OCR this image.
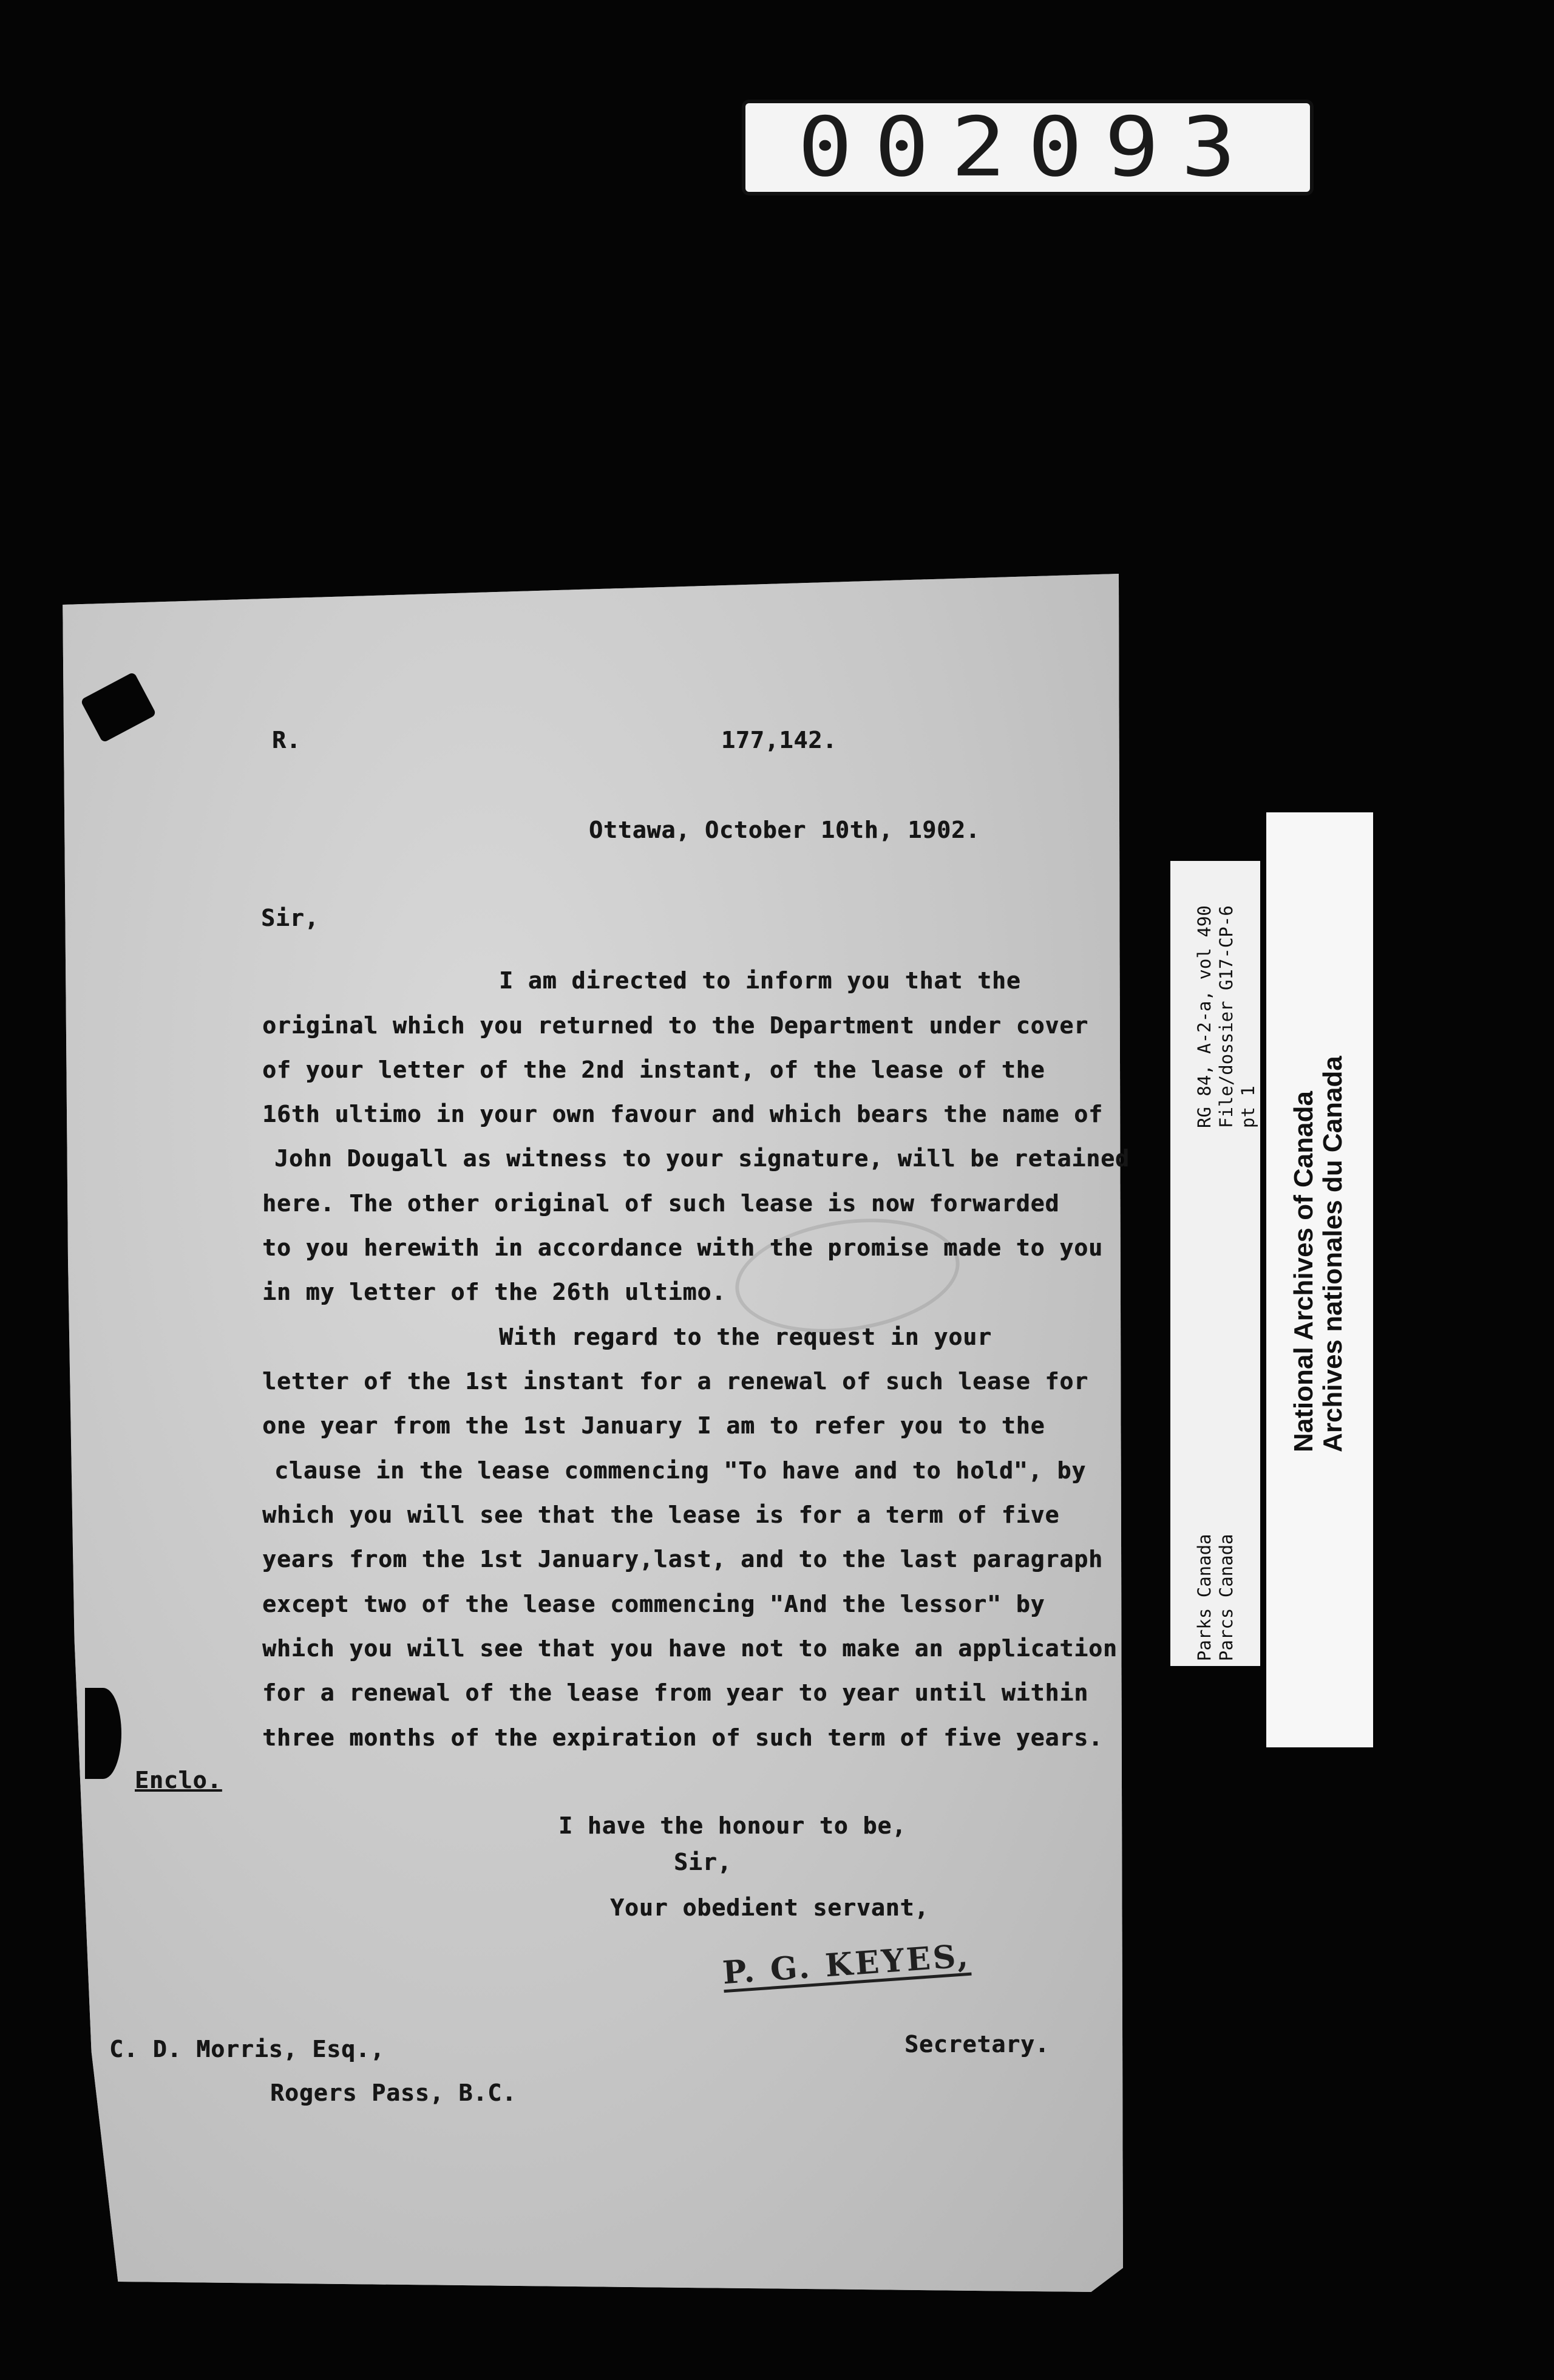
002093
R.	177,142.
Ottawa, October 10th, 1902.
Sir,
I am directed to inform you that the
original which you returned to the Department under cover
of your letter of the 2nd instant, of the lease of the
16th ultimo in your own favour and which bears the name of
John Dougall as witness to your signature, will be retained
here. The other original of such lease is now forwarded
to you herewith in accordance with the promise made to you
in my letter of the 26th ultimo.
With regard to the request in your
letter of the 1st instant for a renewal of such lease for
one year from the 1st January I am to refer you to the
clause in the lease commencing "To have and to hold", by
which you will see that the lease is for a term of five
years from the 1st January,last, and to the last paragraph
except two of the lease commencing "And the lessor" by
which you will see that you have not to make an application
for a renewal of the lease from year to year until within
three months of the expiration of such term of five years.
Enclo.
I have the honour to be,
Sir,
Your obedient servant,
P. G. KEYES,
Secretary.
C. D. Morris, Esq.,
Rogers Pass, B.C.
RG 84, A-2-a, vol 490 File/dossier G17-CP-6 pt 1
Parks Canada Parcs Canada
National Archives of Canada Archives nationales du Canada
